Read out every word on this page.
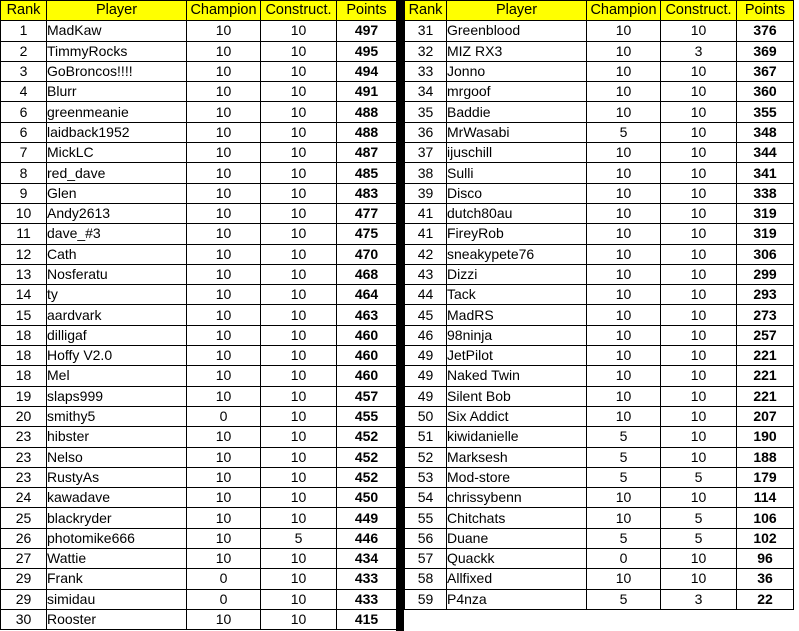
Rank	Player	Champion	Construct.	Points
1	MadKaw	10	10	497
2	TimmyRocks	10	10	495
3	GoBroncos!!!!	10	10	494
4	Blurr	10	10	491
6	greenmeanie	10	10	488
6	laidback1952	10	10	488
7	MickLC	10	10	487
8	red_dave	10	10	485
9	Glen	10	10	483
10	Andy2613	10	10	477
11	dave_#3	10	10	475
12	Cath	10	10	470
13	Nosferatu	10	10	468
14	ty	10	10	464
15	aardvark	10	10	463
18	dilligaf	10	10	460
18	Hoffy V2.0	10	10	460
18	Mel	10	10	460
19	slaps999	10	10	457
20	smithy5	0	10	455
23	hibster	10	10	452
23	Nelso	10	10	452
23	RustyAs	10	10	452
24	kawadave	10	10	450
25	blackryder	10	10	449
26	photomike666	10	5	446
27	Wattie	10	10	434
29	Frank	0	10	433
29	simidau	0	10	433
30	Rooster	10	10	415
Rank	Player	Champion	Construct.	Points
31	Greenblood	10	10	376
32	MIZ RX3	10	3	369
33	Jonno	10	10	367
34	mrgoof	10	10	360
35	Baddie	10	10	355
36	MrWasabi	5	10	348
37	ijuschill	10	10	344
38	Sulli	10	10	341
39	Disco	10	10	338
41	dutch80au	10	10	319
41	FireyRob	10	10	319
42	sneakypete76	10	10	306
43	Dizzi	10	10	299
44	Tack	10	10	293
45	MadRS	10	10	273
46	98ninja	10	10	257
49	JetPilot	10	10	221
49	Naked Twin	10	10	221
49	Silent Bob	10	10	221
50	Six Addict	10	10	207
51	kiwidanielle	5	10	190
52	Marksesh	5	10	188
53	Mod-store	5	5	179
54	chrissybenn	10	10	114
55	Chitchats	10	5	106
56	Duane	5	5	102
57	Quackk	0	10	96
58	Allfixed	10	10	36
59	P4nza	5	3	22
